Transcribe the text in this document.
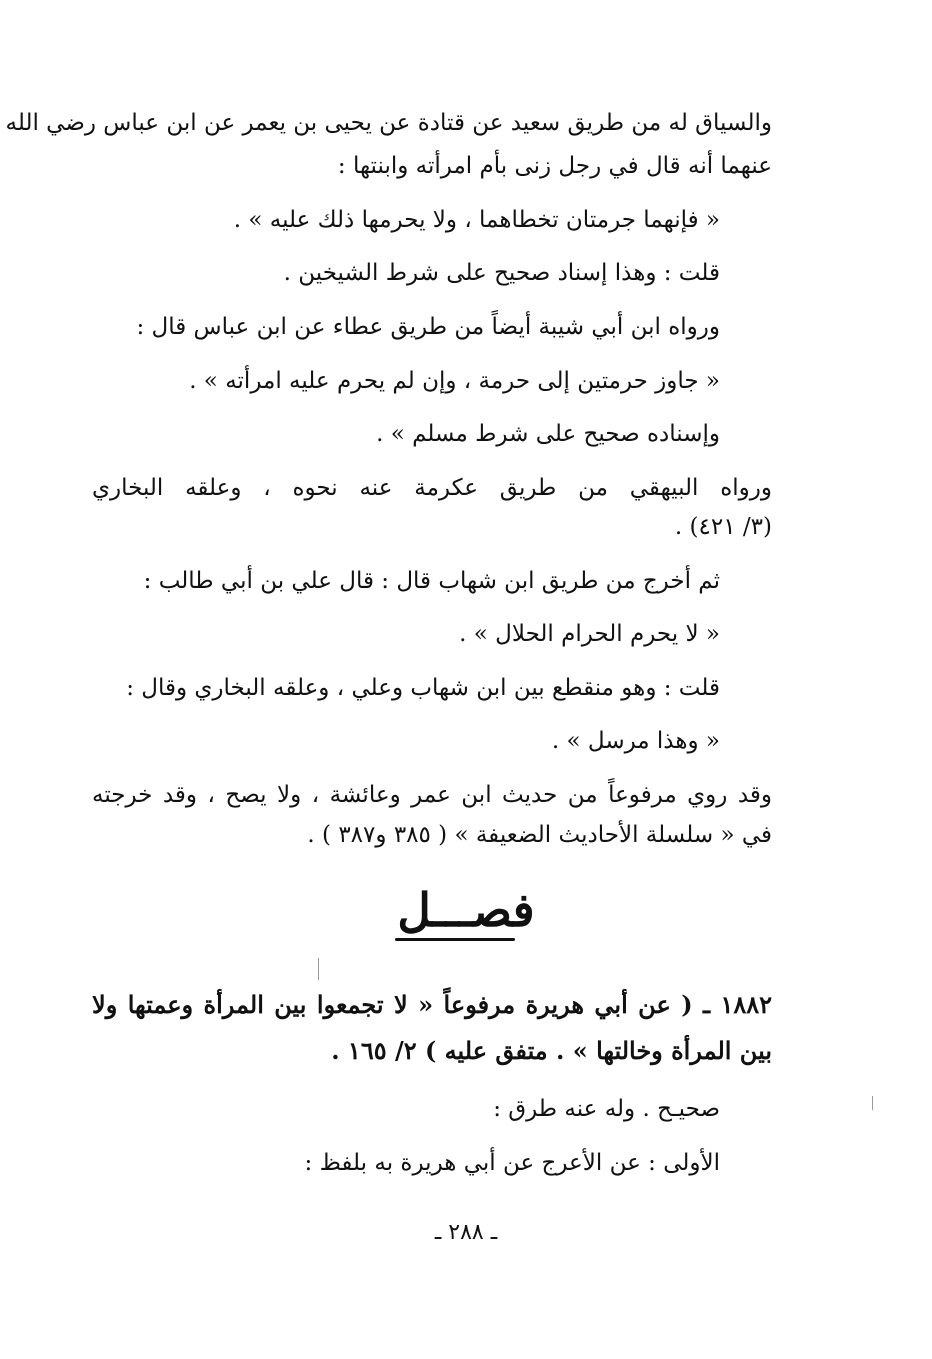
والسياق له من طريق سعيد عن قتادة عن يحيى بن يعمر عن ابن عباس رضي الله
عنهما أنه قال في رجل زنى بأم امرأته وابنتها :
« فإنهما جرمتان تخطاهما ، ولا يحرمها ذلك عليه » .
قلت : وهذا إسناد صحيح على شرط الشيخين .
ورواه ابن أبي شيبة أيضاً من طريق عطاء عن ابن عباس قال :
« جاوز حرمتين إلى حرمة ، وإن لم يحرم عليه امرأته » .
وإسناده صحيح على شرط مسلم » .
ورواه البيهقي من طريق عكرمة عنه نحوه ، وعلقه البخاري
(٣/ ٤٢١) .
ثم أخرج من طريق ابن شهاب قال : قال علي بن أبي طالب :
« لا يحرم الحرام الحلال » .
قلت : وهو منقطع بين ابن شهاب وعلي ، وعلقه البخاري وقال :
« وهذا مرسل » .
وقد روي مرفوعاً من حديث ابن عمر وعائشة ، ولا يصح ، وقد خرجته
في « سلسلة الأحاديث الضعيفة » ( ٣٨٥ و٣٨٧ ) .
فصـــل
١٨٨٢ ـ ( عن أبي هريرة مرفوعاً « لا تجمعوا بين المرأة وعمتها ولا
بين المرأة وخالتها » . متفق عليه ) ٢/ ١٦٥ .
صحيـح . وله عنه طرق :
الأولى : عن الأعرج عن أبي هريرة به بلفظ :
ـ ٢٨٨ ـ
